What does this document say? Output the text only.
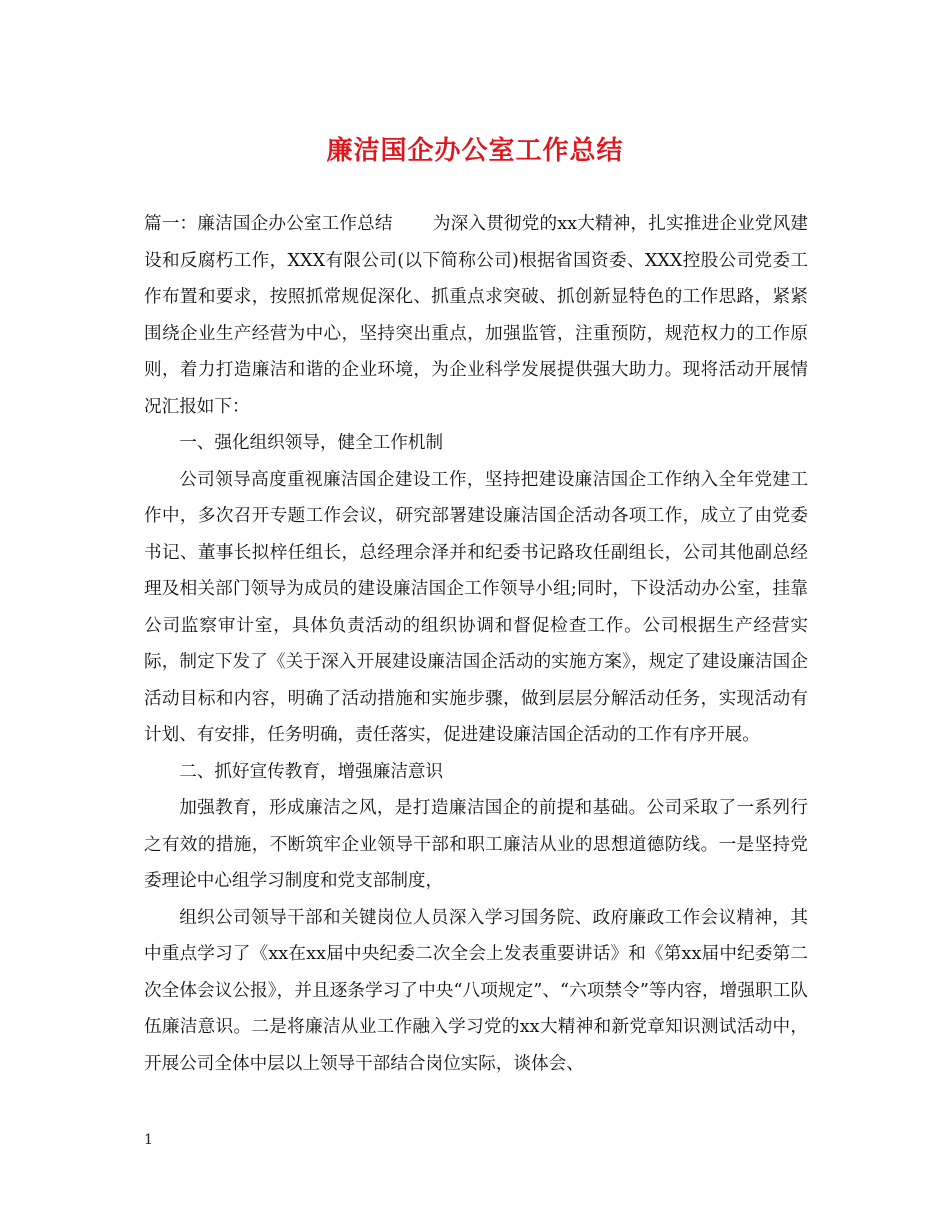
廉洁国企办公室工作总结

篇一：廉洁国企办公室工作总结 为深入贯彻党的xx大精神，扎实推进企业党风建设和反腐朽工作，XXX有限公司(以下简称公司)根据省国资委、XXX控股公司党委工作布置和要求，按照抓常规促深化、抓重点求突破、抓创新显特色的工作思路，紧紧围绕企业生产经营为中心，坚持突出重点，加强监管，注重预防，规范权力的工作原则，着力打造廉洁和谐的企业环境，为企业科学发展提供强大助力。现将活动开展情况汇报如下：

一、强化组织领导，健全工作机制

公司领导高度重视廉洁国企建设工作，坚持把建设廉洁国企工作纳入全年党建工作中，多次召开专题工作会议，研究部署建设廉洁国企活动各项工作，成立了由党委书记、董事长拟梓任组长，总经理佘泽并和纪委书记路玫任副组长，公司其他副总经理及相关部门领导为成员的建设廉洁国企工作领导小组;同时，下设活动办公室，挂靠公司监察审计室，具体负责活动的组织协调和督促检查工作。公司根据生产经营实际，制定下发了《关于深入开展建设廉洁国企活动的实施方案》，规定了建设廉洁国企活动目标和内容，明确了活动措施和实施步骤，做到层层分解活动任务，实现活动有计划、有安排，任务明确，责任落实，促进建设廉洁国企活动的工作有序开展。

二、抓好宣传教育，增强廉洁意识

加强教育，形成廉洁之风，是打造廉洁国企的前提和基础。公司采取了一系列行之有效的措施，不断筑牢企业领导干部和职工廉洁从业的思想道德防线。一是坚持党委理论中心组学习制度和党支部制度，

组织公司领导干部和关键岗位人员深入学习国务院、政府廉政工作会议精神，其中重点学习了《xx在xx届中央纪委二次全会上发表重要讲话》和《第xx届中纪委第二次全体会议公报》，并且逐条学习了中央“八项规定”、“六项禁令”等内容，增强职工队伍廉洁意识。二是将廉洁从业工作融入学习党的xx大精神和新党章知识测试活动中，开展公司全体中层以上领导干部结合岗位实际，谈体会、

1
